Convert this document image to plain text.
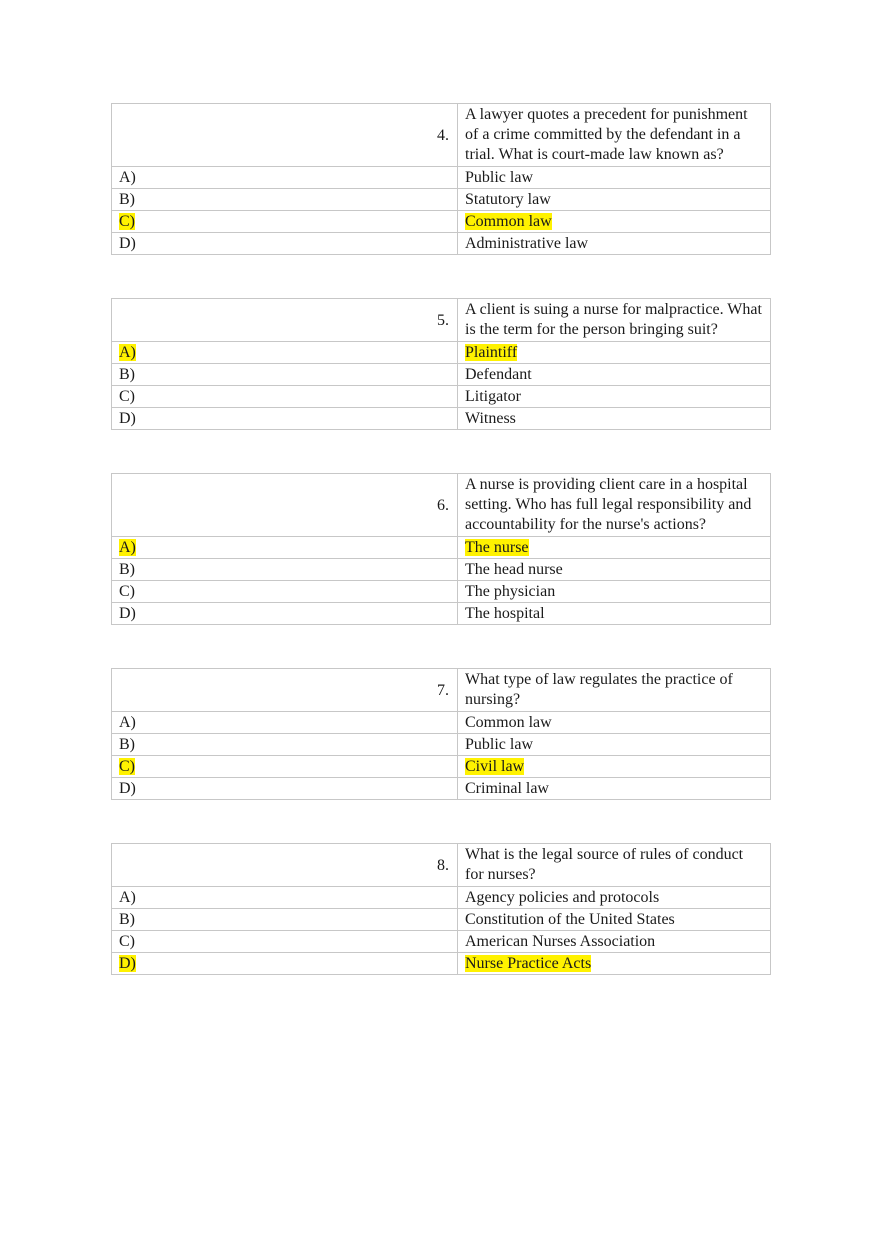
4.	A lawyer quotes a precedent for punishment of a crime committed by the defendant in a trial. What is court-made law known as?
A)	Public law
B)	Statutory law
C)	Common law
D)	Administrative law
5.	A client is suing a nurse for malpractice. What is the term for the person bringing suit?
A)	Plaintiff
B)	Defendant
C)	Litigator
D)	Witness
6.	A nurse is providing client care in a hospital setting. Who has full legal responsibility and accountability for the nurse's actions?
A)	The nurse
B)	The head nurse
C)	The physician
D)	The hospital
7.	What type of law regulates the practice of nursing?
A)	Common law
B)	Public law
C)	Civil law
D)	Criminal law
8.	What is the legal source of rules of conduct for nurses?
A)	Agency policies and protocols
B)	Constitution of the United States
C)	American Nurses Association
D)	Nurse Practice Acts
